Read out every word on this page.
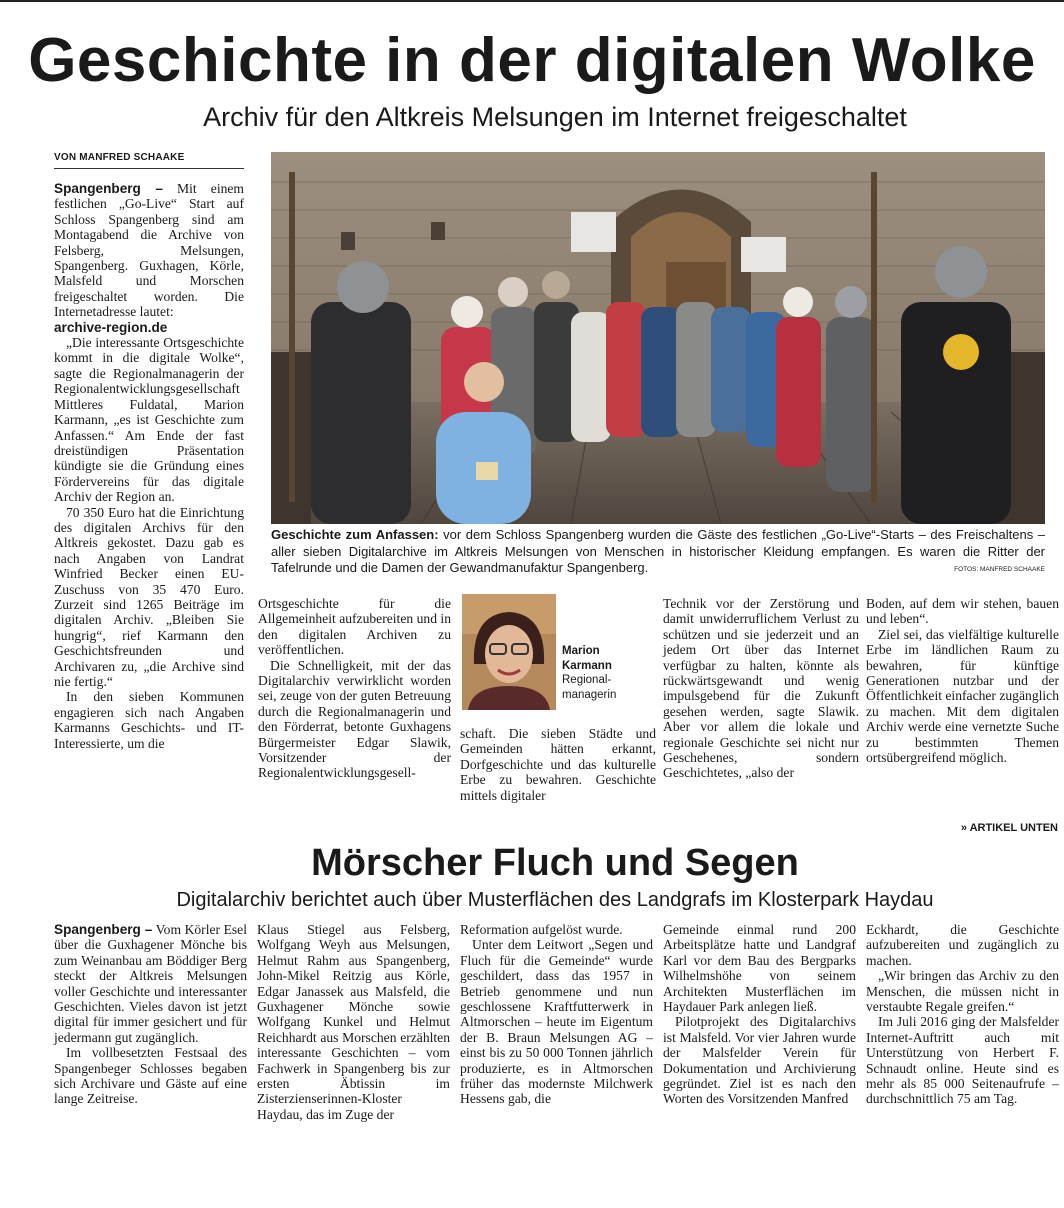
Geschichte in der digitalen Wolke
Archiv für den Altkreis Melsungen im Internet freigeschaltet
VON MANFRED SCHAAKE

Spangenberg – Mit einem festlichen „Go-Live“ Start auf Schloss Spangenberg sind am Montagabend die Archive von Felsberg, Melsungen, Spangenberg. Guxhagen, Körle, Malsfeld und Morschen freigeschaltet worden. Die Internetadresse lautet:

archive-region.de

„Die interessante Ortsgeschichte kommt in die digitale Wolke“, sagte die Regionalmanagerin der Regionalentwicklungsgesellschaft Mittleres Fuldatal, Marion Karmann, „es ist Geschichte zum Anfassen.“ Am Ende der fast dreistündigen Präsentation kündigte sie die Gründung eines Fördervereins für das digitale Archiv der Region an.

70 350 Euro hat die Einrichtung des digitalen Archivs für den Altkreis gekostet. Dazu gab es nach Angaben von Landrat Winfried Becker einen EU-Zuschuss von 35 470 Euro. Zurzeit sind 1265 Beiträge im digitalen Archiv. „Bleiben Sie hungrig“, rief Karmann den Geschichtsfreunden und Archivaren zu, „die Archive sind nie fertig.“

In den sieben Kommunen engagieren sich nach Angaben Karmanns Geschichts- und IT-Interessierte, um die

Geschichte zum Anfassen: vor dem Schloss Spangenberg wurden die Gäste des festlichen „Go-Live“-Starts – des Freischaltens – aller sieben Digitalarchive im Altkreis Melsungen von Menschen in historischer Kleidung empfangen. Es waren die Ritter der Tafelrunde und die Damen der Gewandmanufaktur Spangenberg.	FOTOS: MANFRED SCHAAKE

Ortsgeschichte für die Allgemeinheit aufzubereiten und in den digitalen Archiven zu veröffentlichen.

Die Schnelligkeit, mit der das Digitalarchiv verwirklicht worden sei, zeuge von der guten Betreuung durch die Regionalmanagerin und den Förderrat, betonte Guxhagens Bürgermeister Edgar Slawik, Vorsitzender der Regionalentwicklungsgesell-

Marion
Karmann
Regional-
managerin

schaft. Die sieben Städte und Gemeinden hätten erkannt, Dorfgeschichte und das kulturelle Erbe zu bewahren. Geschichte mittels digitaler

Technik vor der Zerstörung und damit unwiderruflichem Verlust zu schützen und sie jederzeit und an jedem Ort über das Internet verfügbar zu halten, könnte als rückwärtsgewandt und wenig impulsgebend für die Zukunft gesehen werden, sagte Slawik. Aber vor allem die lokale und regionale Geschichte sei nicht nur Geschehenes, sondern Geschichtetes, „also der

Boden, auf dem wir stehen, bauen und leben“.

Ziel sei, das vielfältige kulturelle Erbe im ländlichen Raum zu bewahren, für künftige Generationen nutzbar und der Öffentlichkeit einfacher zugänglich zu machen. Mit dem digitalen Archiv werde eine vernetzte Suche zu bestimmten Themen ortsübergreifend möglich.

» ARTIKEL UNTEN
Mörscher Fluch und Segen
Digitalarchiv berichtet auch über Musterflächen des Landgrafs im Klosterpark Haydau

Spangenberg – Vom Körler Esel über die Guxhagener Mönche bis zum Weinanbau am Böddiger Berg steckt der Altkreis Melsungen voller Geschichte und interessanter Geschichten. Vieles davon ist jetzt digital für immer gesichert und für jedermann gut zugänglich.

Im vollbesetzten Festsaal des Spangenbeger Schlosses begaben sich Archivare und Gäste auf eine lange Zeitreise.

Klaus Stiegel aus Felsberg, Wolfgang Weyh aus Melsungen, Helmut Rahm aus Spangenberg, John-Mikel Reitzig aus Körle, Edgar Janassek aus Malsfeld, die Guxhagener Mönche sowie Wolfgang Kunkel und Helmut Reichhardt aus Morschen erzählten interessante Geschichten – vom Fachwerk in Spangenberg bis zur ersten Äbtissin im Zisterzienserinnen-Kloster Haydau, das im Zuge der

Reformation aufgelöst wurde.

Unter dem Leitwort „Segen und Fluch für die Gemeinde“ wurde geschildert, dass das 1957 in Betrieb genommene und nun geschlossene Kraftfutterwerk in Altmorschen – heute im Eigentum der B. Braun Melsungen AG – einst bis zu 50 000 Tonnen jährlich produzierte, es in Altmorschen früher das modernste Milchwerk Hessens gab, die

Gemeinde einmal rund 200 Arbeitsplätze hatte und Landgraf Karl vor dem Bau des Bergparks Wilhelmshöhe von seinem Architekten Musterflächen im Haydauer Park anlegen ließ.

Pilotprojekt des Digitalarchivs ist Malsfeld. Vor vier Jahren wurde der Malsfelder Verein für Dokumentation und Archivierung gegründet. Ziel ist es nach den Worten des Vorsitzenden Manfred

Eckhardt, die Geschichte aufzubereiten und zugänglich zu machen.

„Wir bringen das Archiv zu den Menschen, die müssen nicht in verstaubte Regale greifen.“

Im Juli 2016 ging der Malsfelder Internet-Auftritt auch mit Unterstützung von Herbert F. Schnaudt online. Heute sind es mehr als 85 000 Seitenaufrufe – durchschnittlich 75 am Tag.
